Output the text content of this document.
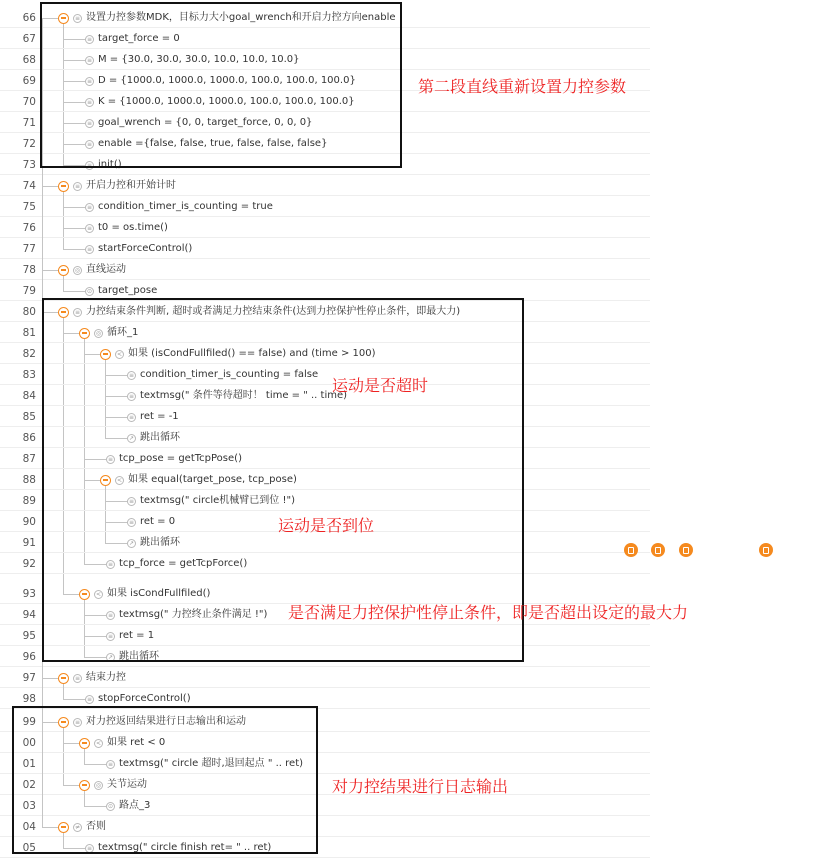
66	≡ 设置力控参数MDK，目标力大小goal_wrench和开启力控方向enable
67	≡ target_force = 0
68	≡ M = {30.0, 30.0, 30.0, 10.0, 10.0, 10.0}
69	≡ D = {1000.0, 1000.0, 1000.0, 100.0, 100.0, 100.0}
70	≡ K = {1000.0, 1000.0, 1000.0, 100.0, 100.0, 100.0}
71	≡ goal_wrench = {0, 0, target_force, 0, 0, 0}
72	≡ enable ={false, false, true, false, false, false}
73	≡ init()
74	≡ 开启力控和开始计时
75	≡ condition_timer_is_counting = true
76	≡ t0 = os.time()
77	≡ startForceControl()
78	◎ 直线运动
79	⊙ target_pose
80	≡ 力控结束条件判断, 超时或者满足力控结束条件(达到力控保护性停止条件，即最大力)
81	◎ 循环_1
82	< 如果 (isCondFullfiled() == false) and (time > 100)
83	≡ condition_timer_is_counting = false
84	≡ textmsg(" 条件等待超时！ time = " .. time)
85	≡ ret = -1
86	↗ 跳出循环
87	≡ tcp_pose = getTcpPose()
88	< 如果 equal(target_pose, tcp_pose)
89	≡ textmsg(" circle机械臂已到位 !")
90	≡ ret = 0
91	↗ 跳出循环
92	≡ tcp_force = getTcpForce()
93	< 如果 isCondFullfiled()
94	≡ textmsg(" 力控终止条件满足 !")
95	≡ ret = 1
96	↗ 跳出循环
97	≡ 结束力控
98	≡ stopForceControl()
99	≡ 对力控返回结果进行日志输出和运动
00	< 如果 ret < 0
01	≡ textmsg(" circle 超时,退回起点 " .. ret)
02	◎ 关节运动
03	⊙ 路点_3
04	≠ 否则
05	≡ textmsg(" circle finish ret= " .. ret)
第二段直线重新设置力控参数
运动是否超时
运动是否到位
是否满足力控保护性停止条件，即是否超出设定的最大力
对力控结果进行日志输出
